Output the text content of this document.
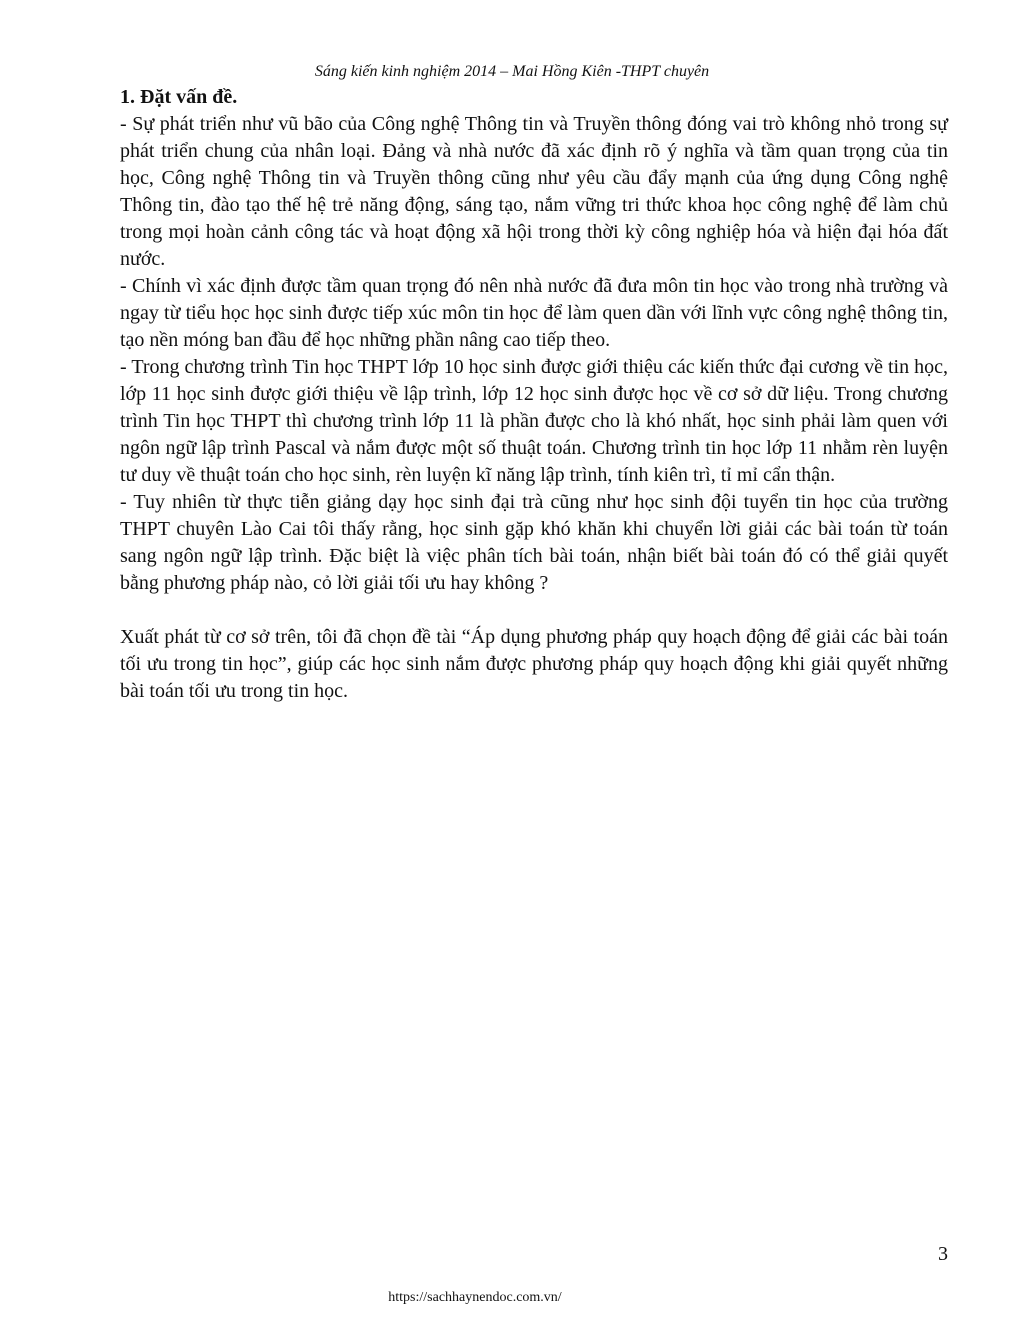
Sáng kiến kinh nghiệm 2014 – Mai Hồng Kiên -THPT chuyên
1. Đặt vấn đề.

- Sự phát triển như vũ bão của Công nghệ Thông tin và Truyền thông đóng vai trò không nhỏ trong sự phát triển chung của nhân loại. Đảng và nhà nước đã xác định rõ ý nghĩa và tầm quan trọng của tin học, Công nghệ Thông tin và Truyền thông cũng như yêu cầu đẩy mạnh của ứng dụng Công nghệ Thông tin, đào tạo thế hệ trẻ năng động, sáng tạo, nắm vững tri thức khoa học công nghệ để làm chủ trong mọi hoàn cảnh công tác và hoạt động xã hội trong thời kỳ công nghiệp hóa và hiện đại hóa đất nước.

- Chính vì xác định được tầm quan trọng đó nên nhà nước đã đưa môn tin học vào trong nhà trường và ngay từ tiểu học học sinh được tiếp xúc môn tin học để làm quen dần với lĩnh vực công nghệ thông tin, tạo nền móng ban đầu để học những phần nâng cao tiếp theo.

- Trong chương trình Tin học THPT lớp 10 học sinh được giới thiệu các kiến thức đại cương về tin học, lớp 11 học sinh được giới thiệu về lập trình, lớp 12 học sinh được học về cơ sở dữ liệu. Trong chương trình Tin học THPT thì chương trình lớp 11 là phần được cho là khó nhất, học sinh phải làm quen với ngôn ngữ lập trình Pascal và nắm được một số thuật toán. Chương trình tin học lớp 11 nhằm rèn luyện tư duy về thuật toán cho học sinh, rèn luyện kĩ năng lập trình, tính kiên trì, tỉ mỉ cẩn thận.

- Tuy nhiên từ thực tiễn giảng dạy học sinh đại trà cũng như học sinh đội tuyển tin học của trường THPT chuyên Lào Cai tôi thấy rằng, học sinh gặp khó khăn khi chuyển lời giải các bài toán từ toán sang ngôn ngữ lập trình. Đặc biệt là việc phân tích bài toán, nhận biết bài toán đó có thể giải quyết bằng phương pháp nào, cỏ lời giải tối ưu hay không ?

Xuất phát từ cơ sở trên, tôi đã chọn đề tài “Áp dụng phương pháp quy hoạch động để giải các bài toán tối ưu trong tin học”, giúp các học sinh nắm được phương pháp quy hoạch động khi giải quyết những bài toán tối ưu trong tin học.

3
https://sachhaynendoc.com.vn/
